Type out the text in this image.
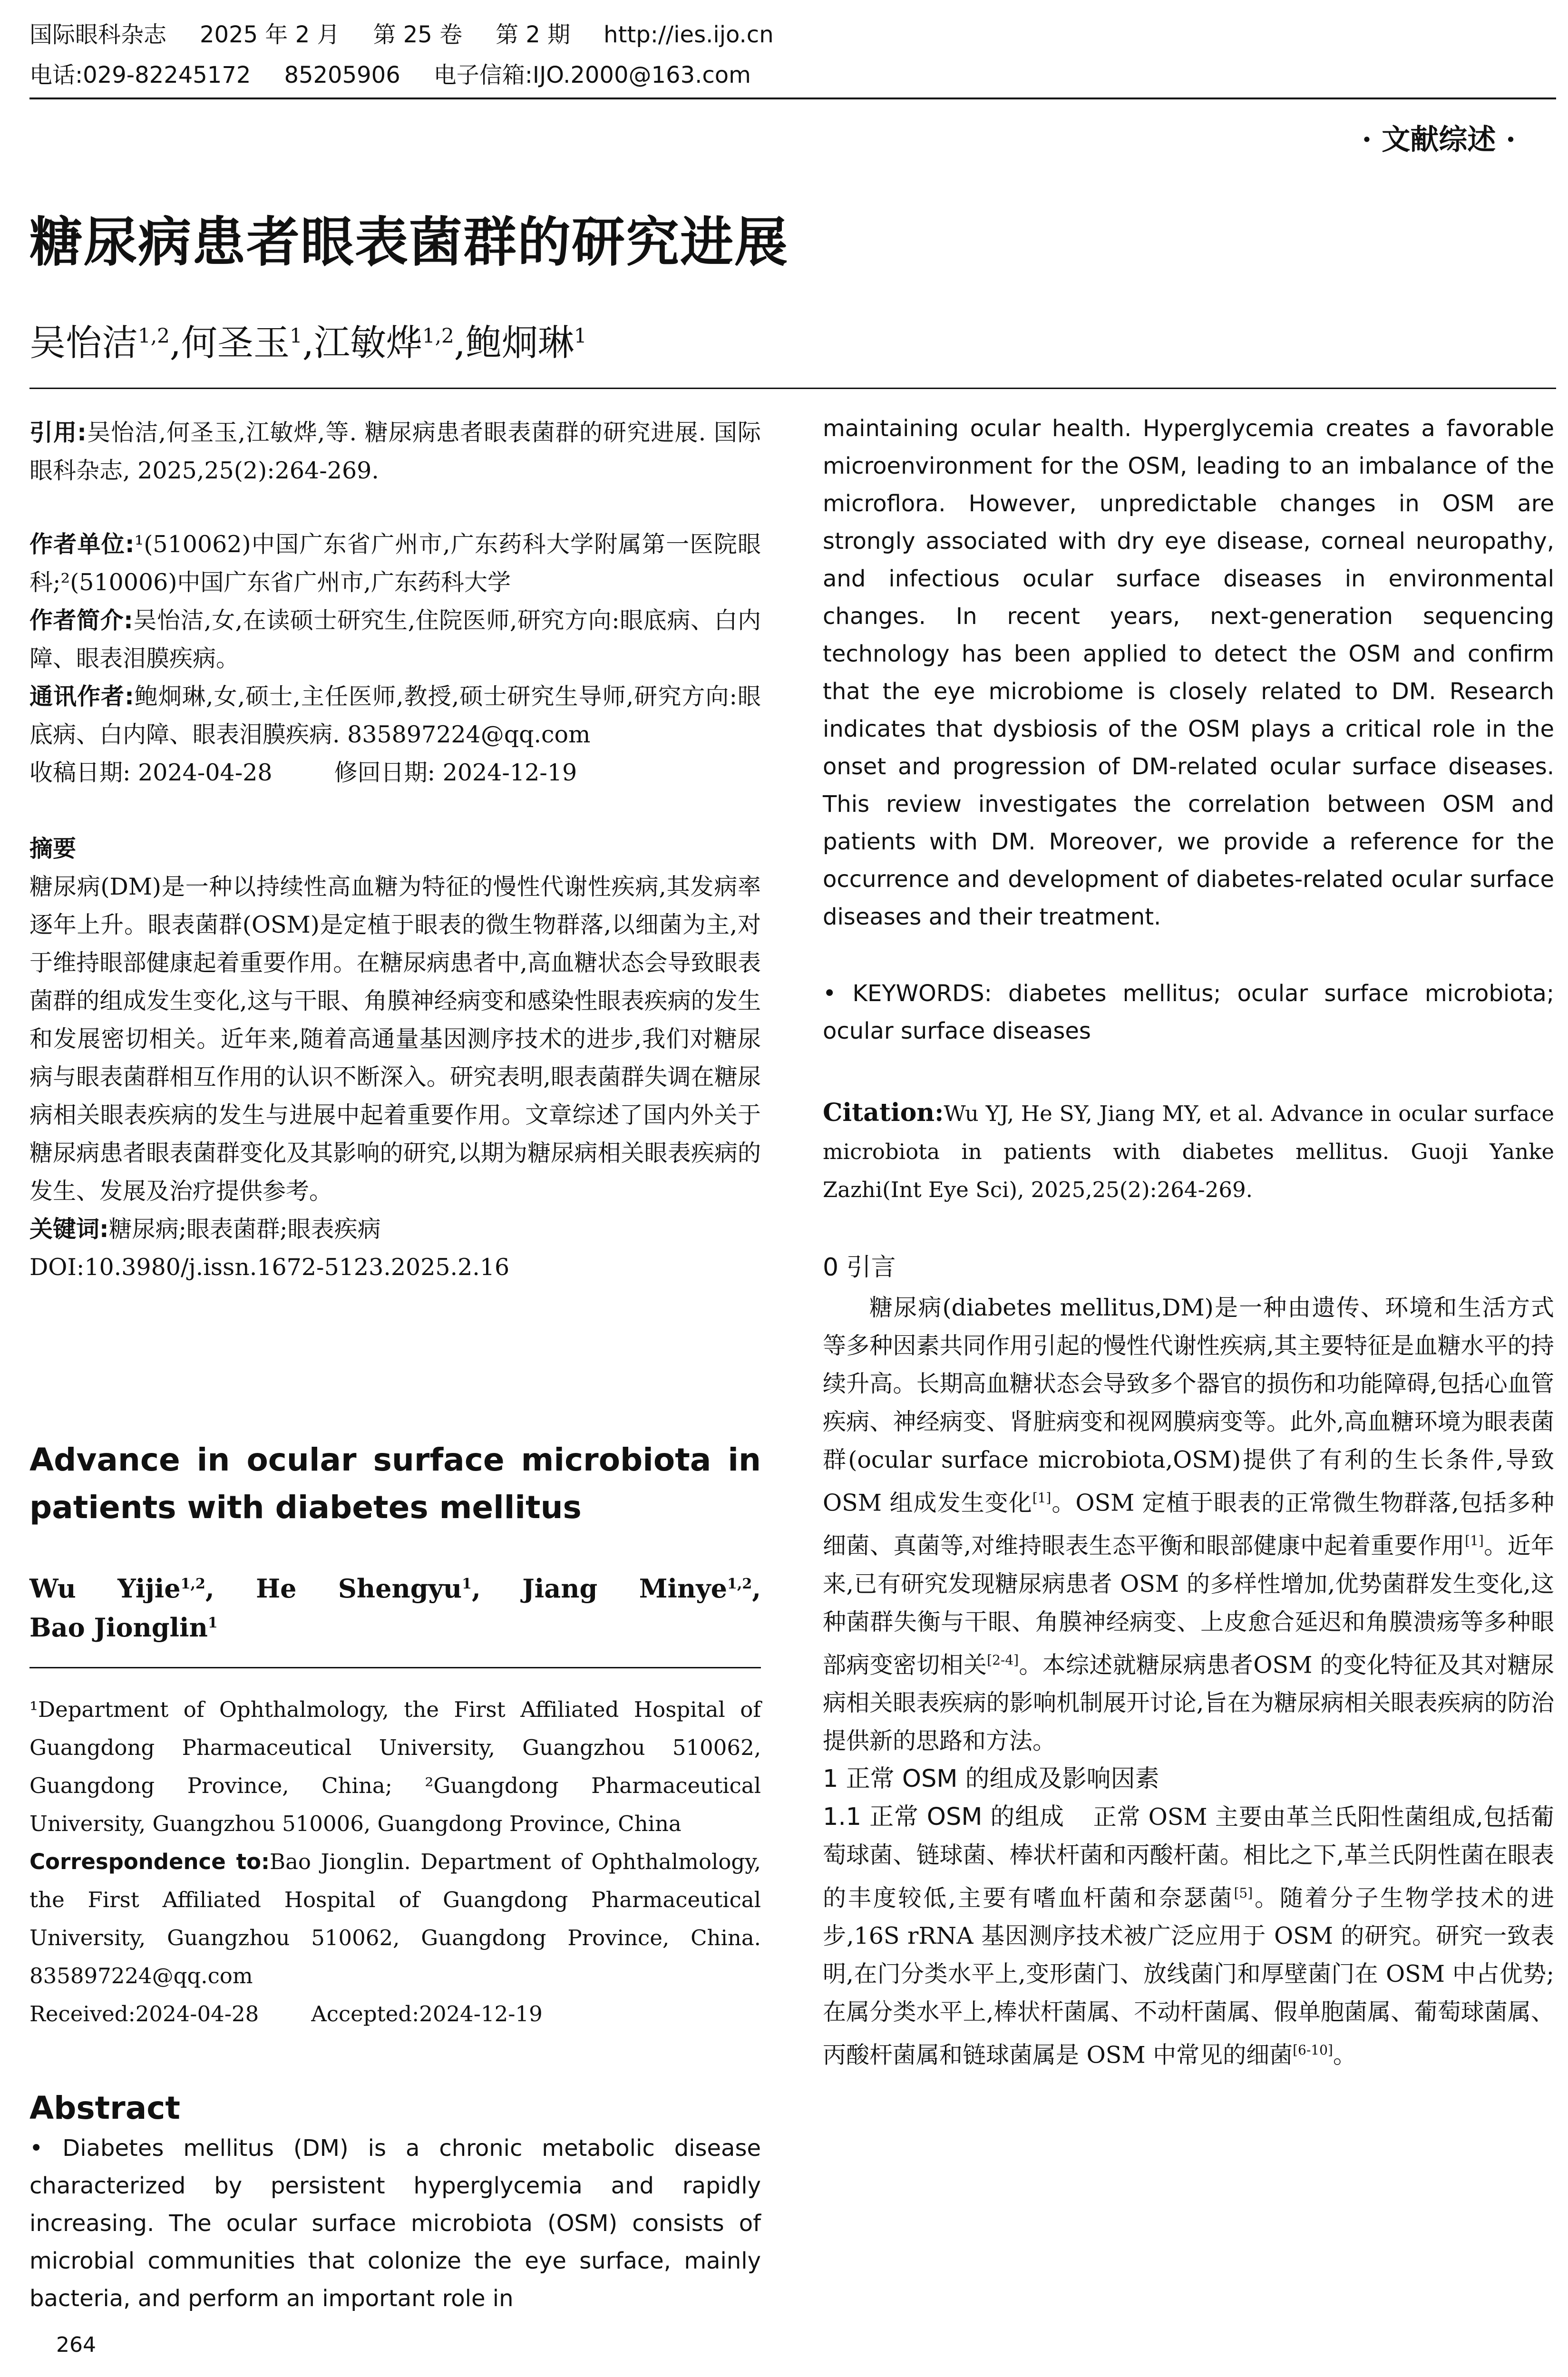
国际眼科杂志 2025 年 2 月 第 25 卷 第 2 期 http://ies.ijo.cn
电话:029-82245172 85205906 电子信箱:IJO.2000@163.com
· 文献综述 ·
糖尿病患者眼表菌群的研究进展
吴怡洁$^{1,2}$,何圣玉$^1$,江敏烨$^{1,2}$,鲍炯琳$^1$
引用:吴怡洁,何圣玉,江敏烨,等. 糖尿病患者眼表菌群的研究进展. 国际眼科杂志, 2025,25(2):264-269.

作者单位:¹(510062)中国广东省广州市,广东药科大学附属第一医院眼科;²(510006)中国广东省广州市,广东药科大学

作者简介:吴怡洁,女,在读硕士研究生,住院医师,研究方向:眼底病、白内障、眼表泪膜疾病。

通讯作者:鲍炯琳,女,硕士,主任医师,教授,硕士研究生导师,研究方向:眼底病、白内障、眼表泪膜疾病. 835897224@qq.com

收稿日期: 2024-04-28	修回日期: 2024-12-19

摘要

糖尿病(DM)是一种以持续性高血糖为特征的慢性代谢性疾病,其发病率逐年上升。眼表菌群(OSM)是定植于眼表的微生物群落,以细菌为主,对于维持眼部健康起着重要作用。在糖尿病患者中,高血糖状态会导致眼表菌群的组成发生变化,这与干眼、角膜神经病变和感染性眼表疾病的发生和发展密切相关。近年来,随着高通量基因测序技术的进步,我们对糖尿病与眼表菌群相互作用的认识不断深入。研究表明,眼表菌群失调在糖尿病相关眼表疾病的发生与进展中起着重要作用。文章综述了国内外关于糖尿病患者眼表菌群变化及其影响的研究,以期为糖尿病相关眼表疾病的发生、发展及治疗提供参考。

关键词:糖尿病;眼表菌群;眼表疾病

DOI:10.3980/j.issn.1672-5123.2025.2.16

Advance in ocular surface microbiota in patients with diabetes mellitus
Wu Yijie$^{1,2}$, He Shengyu$^1$, Jiang Minye$^{1,2}$,
Bao Jionglin$^1$

¹Department of Ophthalmology, the First Affiliated Hospital of Guangdong Pharmaceutical University, Guangzhou 510062, Guangdong Province, China; ²Guangdong Pharmaceutical University, Guangzhou 510006, Guangdong Province, China

Correspondence to:Bao Jionglin. Department of Ophthalmology, the First Affiliated Hospital of Guangdong Pharmaceutical University, Guangzhou 510062, Guangdong Province, China. 835897224@qq.com

Received:2024-04-28 Accepted:2024-12-19

Abstract
• Diabetes mellitus (DM) is a chronic metabolic disease characterized by persistent hyperglycemia and rapidly increasing. The ocular surface microbiota (OSM) consists of microbial communities that colonize the eye surface, mainly bacteria, and perform an important role in
264
maintaining ocular health. Hyperglycemia creates a favorable microenvironment for the OSM, leading to an imbalance of the microflora. However, unpredictable changes in OSM are strongly associated with dry eye disease, corneal neuropathy, and infectious ocular surface diseases in environmental changes. In recent years, next-generation sequencing technology has been applied to detect the OSM and confirm that the eye microbiome is closely related to DM. Research indicates that dysbiosis of the OSM plays a critical role in the onset and progression of DM-related ocular surface diseases. This review investigates the correlation between OSM and patients with DM. Moreover, we provide a reference for the occurrence and development of diabetes-related ocular surface diseases and their treatment.
• KEYWORDS: diabetes mellitus; ocular surface microbiota; ocular surface diseases
Citation:Wu YJ, He SY, Jiang MY, et al. Advance in ocular surface microbiota in patients with diabetes mellitus. Guoji Yanke Zazhi(Int Eye Sci), 2025,25(2):264-269.
0 引言

糖尿病(diabetes mellitus,DM)是一种由遗传、环境和生活方式等多种因素共同作用引起的慢性代谢性疾病,其主要特征是血糖水平的持续升高。长期高血糖状态会导致多个器官的损伤和功能障碍,包括心血管疾病、神经病变、肾脏病变和视网膜病变等。此外,高血糖环境为眼表菌群(ocular surface microbiota,OSM)提供了有利的生长条件,导致 OSM 组成发生变化[1]。OSM 定植于眼表的正常微生物群落,包括多种细菌、真菌等,对维持眼表生态平衡和眼部健康中起着重要作用[1]。近年来,已有研究发现糖尿病患者 OSM 的多样性增加,优势菌群发生变化,这种菌群失衡与干眼、角膜神经病变、上皮愈合延迟和角膜溃疡等多种眼部病变密切相关[2-4]。本综述就糖尿病患者OSM 的变化特征及其对糖尿病相关眼表疾病的影响机制展开讨论,旨在为糖尿病相关眼表疾病的防治提供新的思路和方法。

1 正常 OSM 的组成及影响因素

1.1 正常 OSM 的组成 正常 OSM 主要由革兰氏阳性菌组成,包括葡萄球菌、链球菌、棒状杆菌和丙酸杆菌。相比之下,革兰氏阴性菌在眼表的丰度较低,主要有嗜血杆菌和奈瑟菌[5]。随着分子生物学技术的进步,16S rRNA 基因测序技术被广泛应用于 OSM 的研究。研究一致表明,在门分类水平上,变形菌门、放线菌门和厚壁菌门在 OSM 中占优势;在属分类水平上,棒状杆菌属、不动杆菌属、假单胞菌属、葡萄球菌属、丙酸杆菌属和链球菌属是 OSM 中常见的细菌[6-10]。
